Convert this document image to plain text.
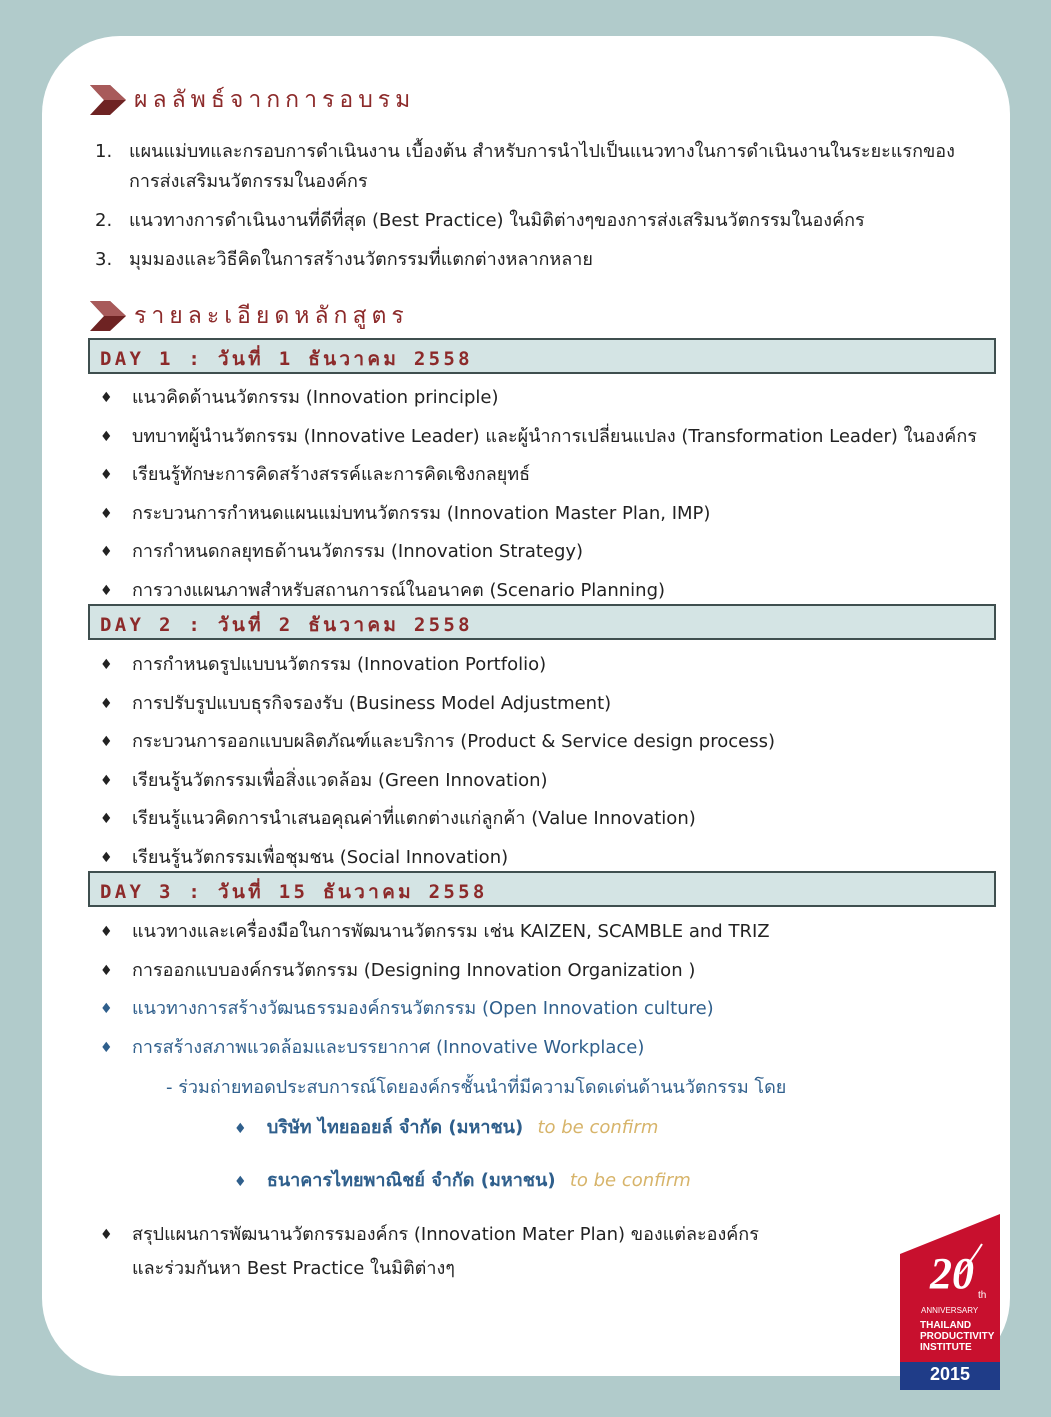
ผลลัพธ์จากการอบรม
1. แผนแม่บทและกรอบการดำเนินงาน เบื้องต้น สำหรับการนำไปเป็นแนวทางในการดำเนินงานในระยะแรกของการส่งเสริมนวัตกรรมในองค์กร
2. แนวทางการดำเนินงานที่ดีที่สุด (Best Practice) ในมิติต่างๆของการส่งเสริมนวัตกรรมในองค์กร
3. มุมมองและวิธีคิดในการสร้างนวัตกรรมที่แตกต่างหลากหลาย
รายละเอียดหลักสูตร
DAY 1 : วันที่ 1 ธันวาคม 2558
♦	แนวคิดด้านนวัตกรรม (Innovation principle)
♦	บทบาทผู้นำนวัตกรรม (Innovative Leader) และผู้นำการเปลี่ยนแปลง (Transformation Leader) ในองค์กร
♦	เรียนรู้ทักษะการคิดสร้างสรรค์และการคิดเชิงกลยุทธ์
♦	กระบวนการกำหนดแผนแม่บทนวัตกรรม (Innovation Master Plan, IMP)
♦	การกำหนดกลยุทธด้านนวัตกรรม (Innovation Strategy)
♦	การวางแผนภาพสำหรับสถานการณ์ในอนาคต (Scenario Planning)
DAY 2 : วันที่ 2 ธันวาคม 2558
♦	การกำหนดรูปแบบนวัตกรรม (Innovation Portfolio)
♦	การปรับรูปแบบธุรกิจรองรับ (Business Model Adjustment)
♦	กระบวนการออกแบบผลิตภัณฑ์และบริการ (Product & Service design process)
♦	เรียนรู้นวัตกรรมเพื่อสิ่งแวดล้อม (Green Innovation)
♦	เรียนรู้แนวคิดการนำเสนอคุณค่าที่แตกต่างแก่ลูกค้า (Value Innovation)
♦	เรียนรู้นวัตกรรมเพื่อชุมชน (Social Innovation)
DAY 3 : วันที่ 15 ธันวาคม 2558
♦	แนวทางและเครื่องมือในการพัฒนานวัตกรรม เช่น KAIZEN, SCAMBLE and TRIZ
♦	การออกแบบองค์กรนวัตกรรม (Designing Innovation Organization )
♦	แนวทางการสร้างวัฒนธรรมองค์กรนวัตกรรม (Open Innovation culture)
♦	การสร้างสภาพแวดล้อมและบรรยากาศ (Innovative Workplace)
- ร่วมถ่ายทอดประสบการณ์โดยองค์กรชั้นนำที่มีความโดดเด่นด้านนวัตกรรม โดย
♦ บริษัท ไทยออยล์ จำกัด (มหาชน) to be confirm
♦ ธนาคารไทยพาณิชย์ จำกัด (มหาชน) to be confirm
♦	สรุปแผนการพัฒนานวัตกรรมองค์กร (Innovation Mater Plan) ของแต่ละองค์กร
และร่วมกันหา Best Practice ในมิติต่างๆ	20 th
ANNIVERSARY
THAILAND
PRODUCTIVITY
INSTITUTE
2015
